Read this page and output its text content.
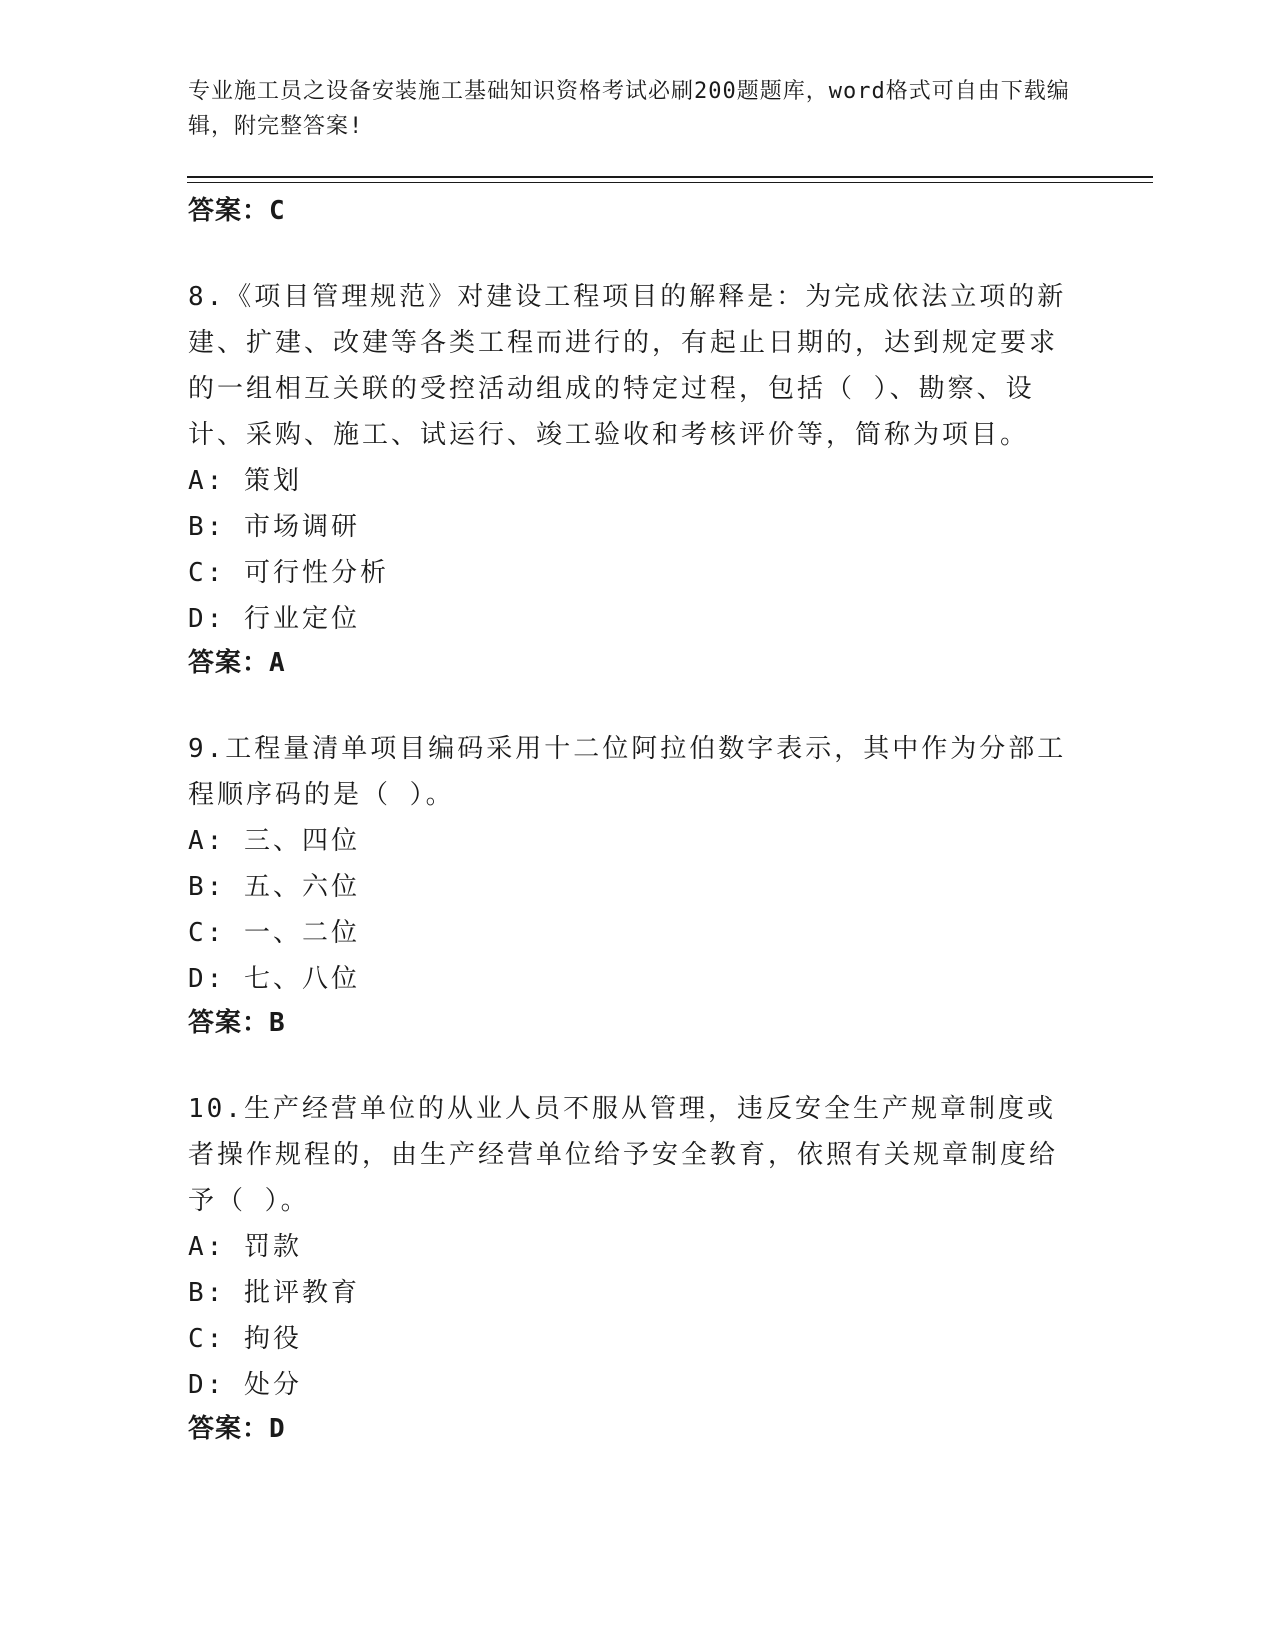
专业施工员之设备安装施工基础知识资格考试必刷200题题库，word格式可自由下载编辑，附完整答案!
答案：C
8.《项目管理规范》对建设工程项目的解释是：为完成依法立项的新建、扩建、改建等各类工程而进行的，有起止日期的，达到规定要求的一组相互关联的受控活动组成的特定过程，包括（ ）、勘察、设计、采购、施工、试运行、竣工验收和考核评价等，简称为项目。
A: 策划
B: 市场调研
C: 可行性分析
D: 行业定位
答案：A
9.工程量清单项目编码采用十二位阿拉伯数字表示，其中作为分部工程顺序码的是（ ）。
A: 三、四位
B: 五、六位
C: 一、二位
D: 七、八位
答案：B
10.生产经营单位的从业人员不服从管理，违反安全生产规章制度或者操作规程的，由生产经营单位给予安全教育，依照有关规章制度给予（ ）。
A: 罚款
B: 批评教育
C: 拘役
D: 处分
答案：D
